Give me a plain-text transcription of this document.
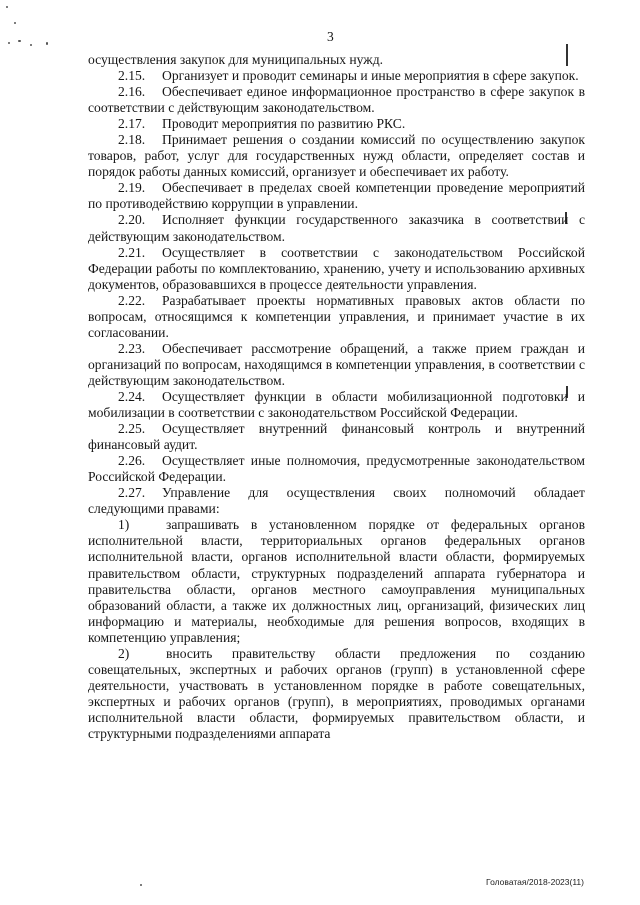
3

осуществления закупок для муниципальных нужд.

2.15. Организует и проводит семинары и иные мероприятия в сфере закупок.

2.16. Обеспечивает единое информационное пространство в сфере закупок в соответствии с действующим законодательством.

2.17. Проводит мероприятия по развитию РКС.

2.18. Принимает решения о создании комиссий по осуществлению закупок товаров, работ, услуг для государственных нужд области, определяет состав и порядок работы данных комиссий, организует и обеспечивает их работу.

2.19. Обеспечивает в пределах своей компетенции проведение мероприятий по противодействию коррупции в управлении.

2.20. Исполняет функции государственного заказчика в соответствии с действующим законодательством.

2.21. Осуществляет в соответствии с законодательством Российской Федерации работы по комплектованию, хранению, учету и использованию архивных документов, образовавшихся в процессе деятельности управления.

2.22. Разрабатывает проекты нормативных правовых актов области по вопросам, относящимся к компетенции управления, и принимает участие в их согласовании.

2.23. Обеспечивает рассмотрение обращений, а также прием граждан и организаций по вопросам, находящимся в компетенции управления, в соответствии с действующим законодательством.

2.24. Осуществляет функции в области мобилизационной подготовки и мобилизации в соответствии с законодательством Российской Федерации.

2.25. Осуществляет внутренний финансовый контроль и внутренний финансовый аудит.

2.26. Осуществляет иные полномочия, предусмотренные законодательством Российской Федерации.

2.27. Управление для осуществления своих полномочий обладает следующими правами:

1)	запрашивать в установленном порядке от федеральных органов исполнительной власти, территориальных органов федеральных органов исполнительной власти, органов исполнительной власти области, формируемых правительством области, структурных подразделений аппарата губернатора и правительства области, органов местного самоуправления муниципальных образований области, а также их должностных лиц, организаций, физических лиц информацию и материалы, необходимые для решения вопросов, входящих в компетенцию управления;

2)	вносить правительству области предложения по созданию совещательных, экспертных и рабочих органов (групп) в установленной сфере деятельности, участвовать в установленном порядке в работе совещательных, экспертных и рабочих органов (групп), в мероприятиях, проводимых органами исполнительной власти области, формируемых правительством области, и структурными подразделениями аппарата

Головатая/2018-2023(11)
